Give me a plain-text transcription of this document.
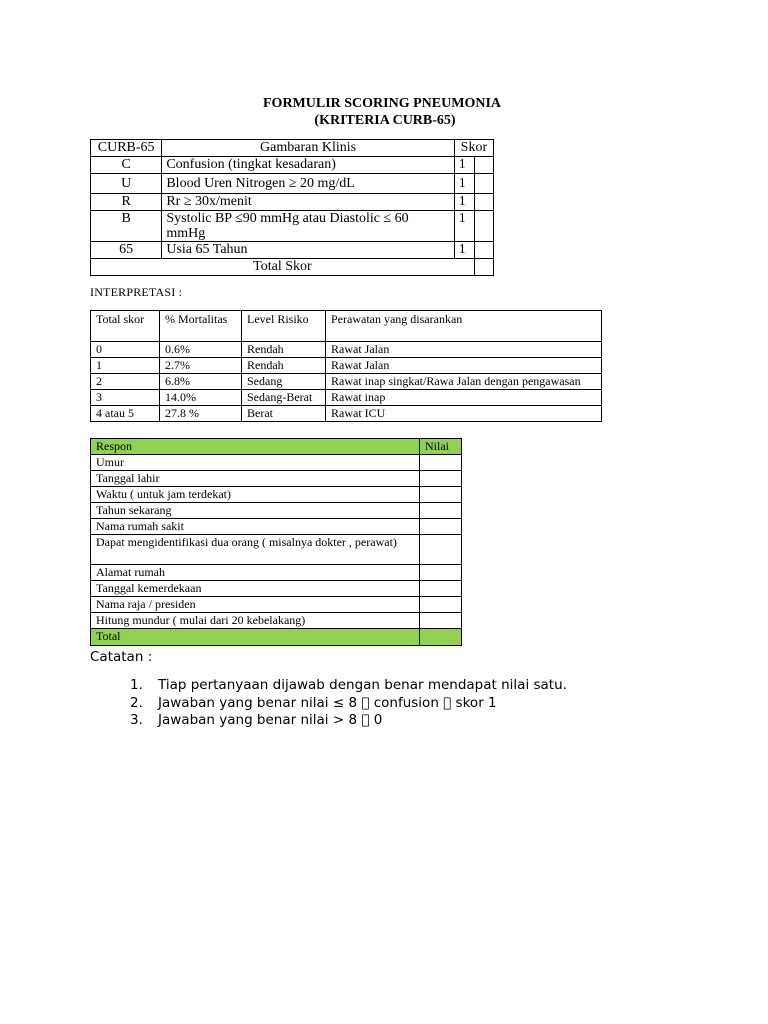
FORMULIR SCORING PNEUMONIA
(KRITERIA CURB-65)
CURB-65	Gambaran Klinis	Skor	
C	Confusion (tingkat kesadaran)	1	
U	Blood Uren Nitrogen ≥ 20 mg/dL	1	
R	Rr ≥ 30x/menit	1	
B	Systolic BP ≤90 mmHg atau Diastolic ≤ 60 mmHg	1	
65	Usia 65 Tahun	1	
Total Skor			
INTERPRETASI :
Total skor	% Mortalitas	Level Risiko	Perawatan yang disarankan
0	0.6%	Rendah	Rawat Jalan
1	2.7%	Rendah	Rawat Jalan
2	6.8%	Sedang	Rawat inap singkat/Rawa Jalan dengan pengawasan
3	14.0%	Sedang-Berat	Rawat inap
4 atau 5	27.8 %	Berat	Rawat ICU
Respon	Nilai
Umur	
Tanggal lahir	
Waktu ( untuk jam terdekat)	
Tahun sekarang	
Nama rumah sakit	
Dapat mengidentifikasi dua orang ( misalnya dokter , perawat)	
Alamat rumah	
Tanggal kemerdekaan	
Nama raja / presiden	
Hitung mundur ( mulai dari 20 kebelakang)	
Total	
Catatan :
1.	Tiap pertanyaan dijawab dengan benar mendapat nilai satu.
2.	Jawaban yang benar nilai ≤ 8 confusion skor 1
3.	Jawaban yang benar nilai > 8 0
